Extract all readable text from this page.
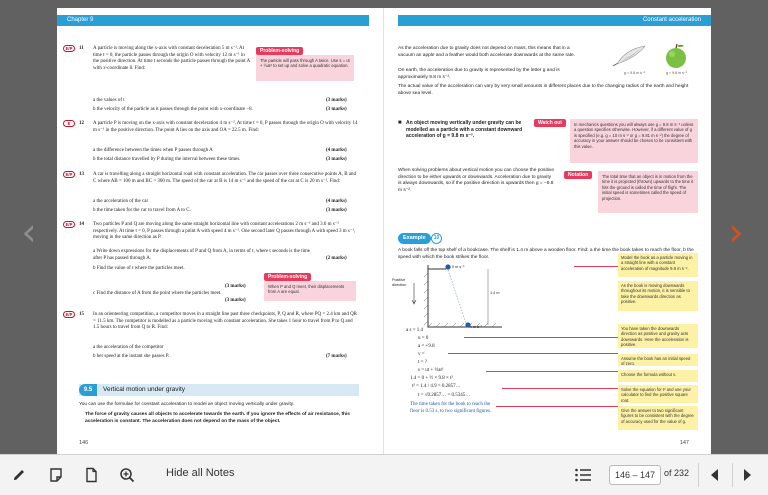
‹	›
Chapter 9
E/P	11 A particle is moving along the x-axis with constant deceleration 5 m s⁻². At time t = 0, the particle passes through the origin O with velocity 12 m s⁻¹ in the positive direction. At time t seconds the particle passes through the point A with x-coordinate 8. Find:
Problem-solving
The particle will pass through A twice. Use s = ut + ½at² to set up and solve a quadratic equation.
a the values of t	(3 marks)
b the velocity of the particle as it passes through the point with x-coordinate −8.	(3 marks)
E	12 A particle P is moving on the x-axis with constant deceleration 4 m s⁻². At time t = 0, P passes through the origin O with velocity 14 m s⁻¹ in the positive direction. The point A lies on the axis and OA = 22.5 m. Find:
a the difference between the times when P passes through A	(4 marks)
b the total distance travelled by P during the interval between these times.	(3 marks)
E/P	13 A car is travelling along a straight horizontal road with constant acceleration. The car passes over three consecutive points A, B and C where AB = 100 m and BC = 300 m. The speed of the car at B is 14 m s⁻¹ and the speed of the car at C is 20 m s⁻¹. Find:
a the acceleration of the car	(4 marks)
b the time taken for the car to travel from A to C.	(3 marks)
E/P	14 Two particles P and Q are moving along the same straight horizontal line with constant accelerations 2 m s⁻² and 3.6 m s⁻² respectively. At time t = 0, P passes through a point A with speed 4 m s⁻¹. One second later Q passes through A with speed 3 m s⁻¹, moving in the same direction as P.
a Write down expressions for the displacements of P and Q from A, in terms of t, where t seconds is the time after P has passed through A.	(2 marks)
b Find the value of t where the particles meet.
Problem-solving
When P and Q meet, their displacements from A are equal.
(3 marks)
c Find the distance of A from the point where the particles meet.
(3 marks)
E/P	15 In an orienteering competition, a competitor moves in a straight line past three checkpoints, P, Q and R, where PQ = 2.4 km and QR = 11.5 km. The competitor is modelled as a particle moving with constant acceleration. She takes 1 hour to travel from P to Q and 1.5 hours to travel from Q to R. Find:
a the acceleration of the competitor
b her speed at the instant she passes P.	(7 marks)
9.5	Vertical motion under gravity
You can use the formulae for constant acceleration to model an object moving vertically under gravity.
The force of gravity causes all objects to accelerate towards the earth. If you ignore the effects of air resistance, this acceleration is constant. The acceleration does not depend on the mass of the object.
146
Constant acceleration
As the acceleration due to gravity does not depend on mass, this means that in a vacuum an apple and a feather would both accelerate downwards at the same rate.
On earth, the acceleration due to gravity is represented by the letter g and is approximately 9.8 m s⁻².
The actual value of the acceleration can vary by very small amounts in different places due to the changing radius of the earth and height above sea level.
g = 9.8 m s⁻²	g = 9.8 m s⁻²
■ An object moving vertically under gravity can be modelled as a particle with a constant downward acceleration of g = 9.8 m s⁻².
Watch out	In mechanics questions you will always use g = 9.8 m s⁻² unless a question specifies otherwise. However, if a different value of g is specified (e.g. g = 10 m s⁻² or g = 9.81 m s⁻²) the degree of accuracy in your answer should be chosen to be consistent with this value.
When solving problems about vertical motion you can choose the positive direction to be either upwards or downwards. Acceleration due to gravity is always downwards, so if the positive direction is upwards then g = −9.8 m s⁻².
Notation	The total time that an object is in motion from the time it is projected (thrown) upwards to the time it hits the ground is called the time of flight. The initial speed is sometimes called the speed of projection.
Example	10
A book falls off the top shelf of a bookcase. The shelf is 1.4 m above a wooden floor. Find: a the time the book takes to reach the floor, b the speed with which the book strikes the floor.
0 m s⁻¹
Positive direction
1.4 m
v m s⁻¹
a s = 1.4
u = 0
a = +9.8
v =
t = ?
s = ut + ½at²
1.4 = 0 + ½ × 9.8 × t²
t² = 1.4 / 4.9 = 0.2857…
t = √0.2857… = 0.5345…
The time taken for the book to reach the floor is 0.53 s, to two significant figures.
Model the book as a particle moving in a straight line with a constant acceleration of magnitude 9.8 m s⁻².
As the book is moving downwards throughout its motion, it is sensible to take the downwards direction as positive.
You have taken the downwards direction as positive and gravity acts downwards. Here the acceleration is positive.
Assume the book has an initial speed of zero.
Choose the formula without v.
Solve the equation for t² and use your calculator to find the positive square root.
Give the answer to two significant figures to be consistent with the degree of accuracy used for the value of g.
147
Hide all Notes	146 – 147 of 232
